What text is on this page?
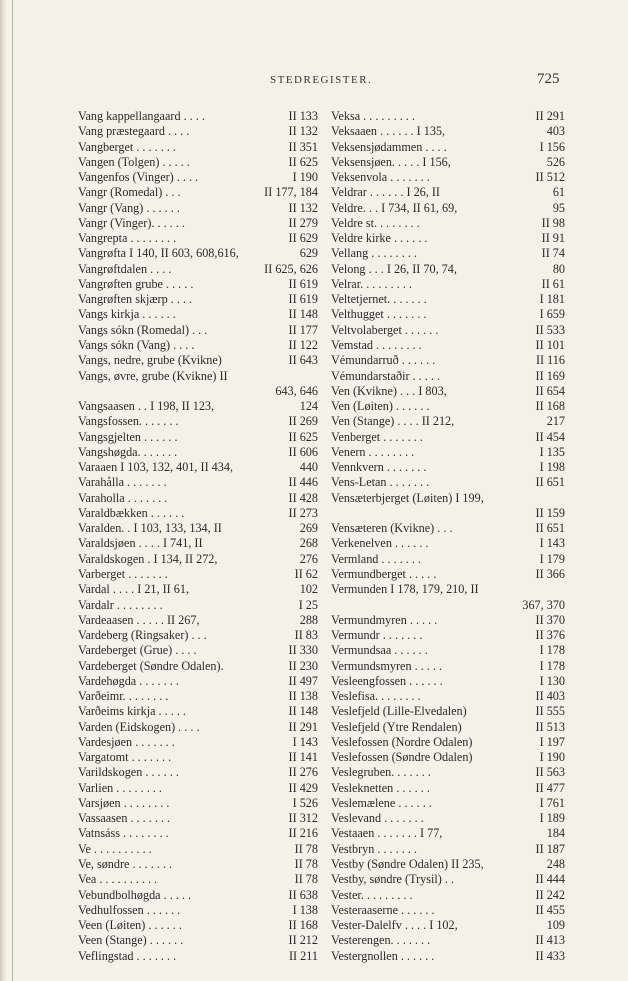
STEDREGISTER.	725
Vang kappellangaard . . . .	II 133
Vang præstegaard . . . .	II 132
Vangberget . . . . . . .	II 351
Vangen (Tolgen) . . . . .	II 625
Vangenfos (Vinger) . . . .	I 190
Vangr (Romedal) . . .	II 177, 184
Vangr (Vang) . . . . . .	II 132
Vangr (Vinger). . . . . .	II 279
Vangrepta . . . . . . . .	II 629
Vangrøfta I 140, II 603, 608,616,	629
Vangrøftdalen . . . .	II 625, 626
Vangrøften grube . . . . .	II 619
Vangrøften skjærp . . . .	II 619
Vangs kirkja . . . . . .	II 148
Vangs sókn (Romedal) . . .	II 177
Vangs sókn (Vang) . . . .	II 122
Vangs, nedre, grube (Kvikne)	II 643
Vangs, øvre, grube (Kvikne) II
643, 646
Vangsaasen . . I 198, II 123,	124
Vangsfossen. . . . . . .	II 269
Vangsgjelten . . . . . .	II 625
Vangshøgda. . . . . . .	II 606
Varaaen I 103, 132, 401, II 434,	440
Varahålla . . . . . . .	II 446
Varaholla . . . . . . .	II 428
Varaldbækken . . . . . .	II 273
Varalden. . I 103, 133, 134, II	269
Varaldsjøen . . . . I 741, II	268
Varaldskogen . I 134, II 272,	276
Varberget . . . . . . .	II 62
Vardal . . . . I 21, II 61,	102
Vardalr . . . . . . . .	I 25
Vardeaasen . . . . . II 267,	288
Vardeberg (Ringsaker) . . .	II 83
Vardeberget (Grue) . . . .	II 330
Vardeberget (Søndre Odalen).	II 230
Vardehøgda . . . . . . .	II 497
Varðeimr. . . . . . . .	II 138
Varðeims kirkja . . . . .	II 148
Varden (Eidskogen) . . . .	II 291
Vardesjøen . . . . . . .	I 143
Vargatomt . . . . . . .	II 141
Varildskogen . . . . . .	II 276
Varlien . . . . . . . .	II 429
Varsjøen . . . . . . . .	I 526
Vassaasen . . . . . . .	II 312
Vatnsáss . . . . . . . .	II 216
Ve . . . . . . . . . .	II 78
Ve, søndre . . . . . . .	II 78
Vea . . . . . . . . . .	II 78
Vebundbolhøgda . . . . .	II 638
Vedhulfossen . . . . . .	I 138
Veen (Løiten) . . . . . .	II 168
Veen (Stange) . . . . . .	II 212
Veflingstad . . . . . . .	II 211
Veksa . . . . . . . . .	II 291
Veksaaen . . . . . . I 135,	403
Veksensjødammen . . . .	I 156
Veksensjøen. . . . . I 156,	526
Veksenvola . . . . . . .	II 512
Veldrar . . . . . . I 26, II	61
Veldre. . . I 734, II 61, 69,	95
Veldre st. . . . . . . .	II 98
Veldre kirke . . . . . .	II 91
Vellang . . . . . . . .	II 74
Velong . . . I 26, II 70, 74,	80
Velrar. . . . . . . . .	II 61
Veltetjernet. . . . . . .	I 181
Velthugget . . . . . . .	I 659
Veltvolaberget . . . . . .	II 533
Vemstad . . . . . . . .	II 101
Vémundarruð . . . . . .	II 116
Vémundarstaðir . . . . .	II 169
Ven (Kvikne) . . . I 803,	II 654
Ven (Løiten) . . . . . .	II 168
Ven (Stange) . . . . II 212,	217
Venberget . . . . . . .	II 454
Venern . . . . . . . .	I 135
Vennkvern . . . . . . .	I 198
Vens-Letan . . . . . . .	II 651
Vensæterbjerget (Løiten) I 199,
II 159
Vensæteren (Kvikne) . . .	II 651
Verkenelven . . . . . .	I 143
Vermland . . . . . . .	I 179
Vermundberget . . . . .	II 366
Vermunden I 178, 179, 210, II
367, 370
Vermundmyren . . . . .	II 370
Vermundr . . . . . . .	II 376
Vermundsaa . . . . . .	I 178
Vermundsmyren . . . . .	I 178
Vesleengfossen . . . . . .	I 130
Veslefisa. . . . . . . .	II 403
Veslefjeld (Lille-Elvedalen)	II 555
Veslefjeld (Ytre Rendalen)	II 513
Veslefossen (Nordre Odalen)	I 197
Veslefossen (Søndre Odalen)	I 190
Veslegruben. . . . . . .	II 563
Vesleknetten . . . . . .	II 477
Veslemælene . . . . . .	I 761
Veslevand . . . . . . .	I 189
Vestaaen . . . . . . . I 77,	184
Vestbryn . . . . . . .	II 187
Vestby (Søndre Odalen) II 235,	248
Vestby, søndre (Trysil) . .	II 444
Vester. . . . . . . . .	II 242
Vesteraaserne . . . . . .	II 455
Vester-Dalelfv . . . . I 102,	109
Vesterengen. . . . . . .	II 413
Vestergnollen . . . . . .	II 433
